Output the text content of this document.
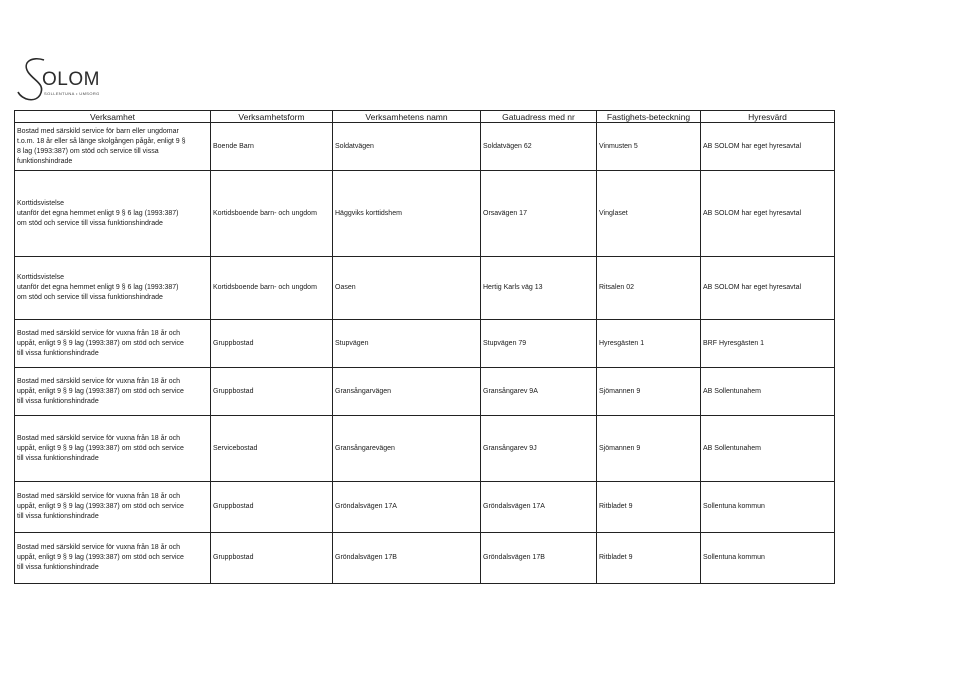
OLOM
SOLLENTUNA • UMSORG
Verksamhet	Verksamhetsform	Verksamhetens namn	Gatuadress med nr	Fastighets-beteckning	Hyresvärd
Bostad med särskild service för barn eller ungdomar
t.o.m. 18 år eller så länge skolgången pågår, enligt 9 §
8 lag (1993:387) om stöd och service till vissa
funktionshindrade	Boende Barn	Soldatvägen	Soldatvägen 62	Vinmusten 5	AB SOLOM har eget hyresavtal
Korttidsvistelse
utanför det egna hemmet enligt 9 § 6 lag (1993:387)
om stöd och service till vissa funktionshindrade	Kortidsboende barn- och ungdom	Häggviks korttidshem	Orsavägen 17	Vinglaset	AB SOLOM har eget hyresavtal
Korttidsvistelse
utanför det egna hemmet enligt 9 § 6 lag (1993:387)
om stöd och service till vissa funktionshindrade	Kortidsboende barn- och ungdom	Oasen	Hertig Karls väg 13	Ritsalen 02	AB SOLOM har eget hyresavtal
Bostad med särskild service för vuxna från 18 år och
uppåt, enligt 9 § 9 lag (1993:387) om stöd och service
till vissa funktionshindrade	Gruppbostad	Stupvägen	Stupvägen 79	Hyresgästen 1	BRF Hyresgästen 1
Bostad med särskild service för vuxna från 18 år och
uppåt, enligt 9 § 9 lag (1993:387) om stöd och service
till vissa funktionshindrade	Gruppbostad	Gransångarvägen	Gransångarev 9A	Sjömannen 9	AB Sollentunahem
Bostad med särskild service för vuxna från 18 år och
uppåt, enligt 9 § 9 lag (1993:387) om stöd och service
till vissa funktionshindrade	Servicebostad	Gransångarevägen	Gransångarev 9J	Sjömannen 9	AB Sollentunahem
Bostad med särskild service för vuxna från 18 år och
uppåt, enligt 9 § 9 lag (1993:387) om stöd och service
till vissa funktionshindrade	Gruppbostad	Gröndalsvägen 17A	Gröndalsvägen 17A	Ritbladet 9	Sollentuna kommun
Bostad med särskild service för vuxna från 18 år och
uppåt, enligt 9 § 9 lag (1993:387) om stöd och service
till vissa funktionshindrade	Gruppbostad	Gröndalsvägen 17B	Gröndalsvägen 17B	Ritbladet 9	Sollentuna kommun
